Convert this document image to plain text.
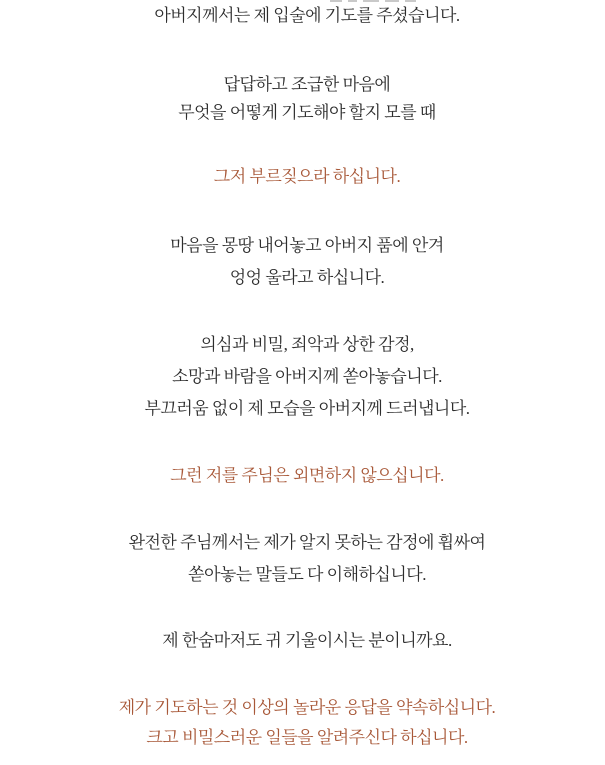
아버지께서는 제 입술에 기도를 주셨습니다.
답답하고 조급한 마음에
무엇을 어떻게 기도해야 할지 모를 때
그저 부르짖으라 하십니다.
마음을 몽땅 내어놓고 아버지 품에 안겨
엉엉 울라고 하십니다.
의심과 비밀, 죄악과 상한 감정,
소망과 바람을 아버지께 쏟아놓습니다.
부끄러움 없이 제 모습을 아버지께 드러냅니다.
그런 저를 주님은 외면하지 않으십니다.
완전한 주님께서는 제가 알지 못하는 감정에 휩싸여
쏟아놓는 말들도 다 이해하십니다.
제 한숨마저도 귀 기울이시는 분이니까요.
제가 기도하는 것 이상의 놀라운 응답을 약속하십니다.
크고 비밀스러운 일들을 알려주신다 하십니다.
